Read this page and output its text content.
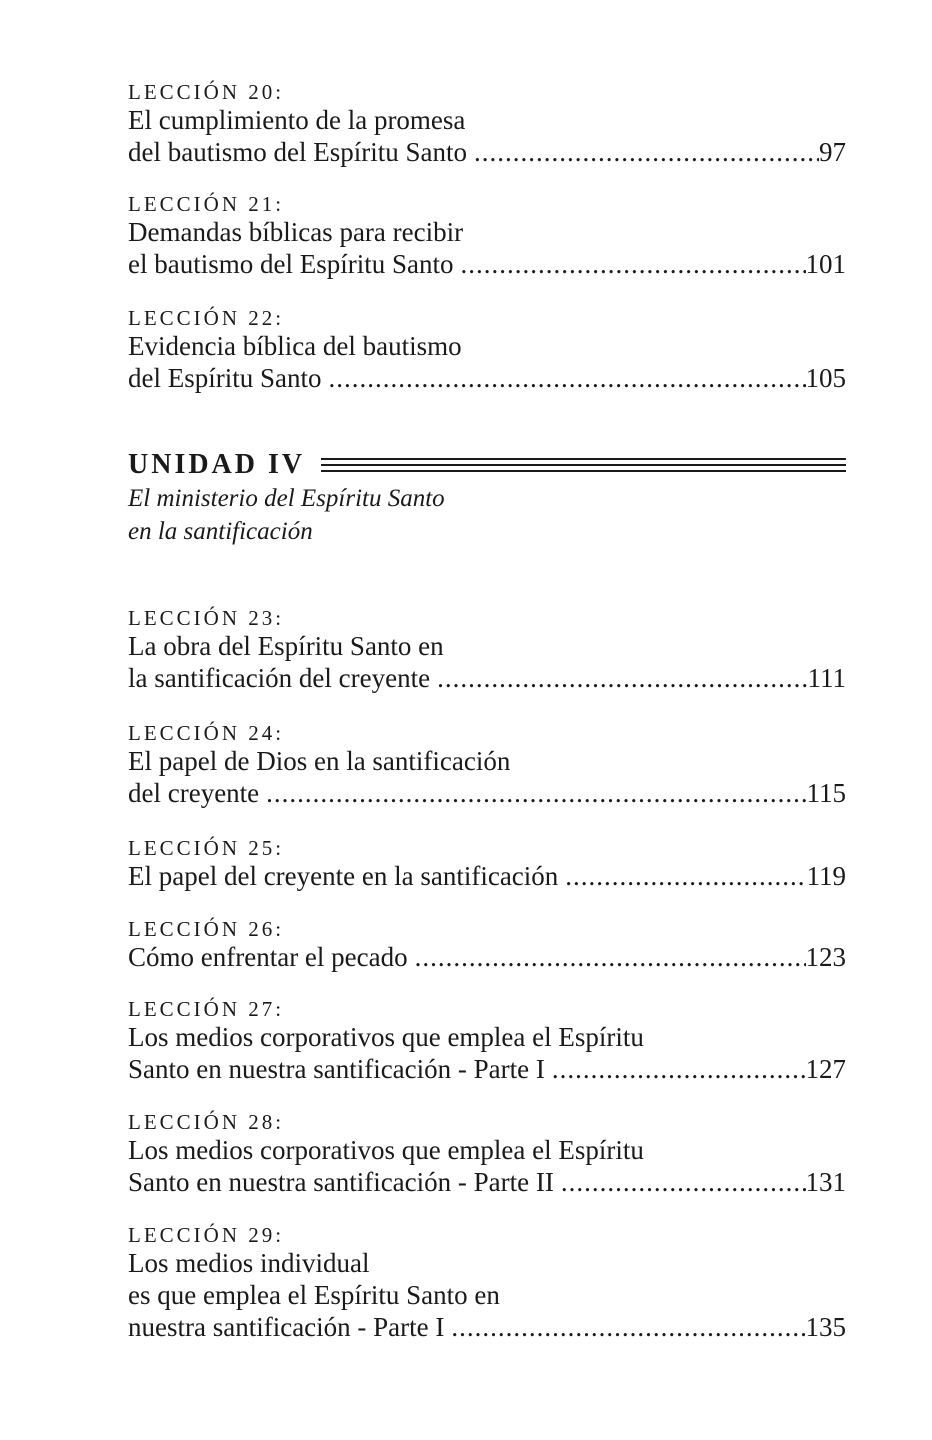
LECCIÓN 20:
El cumplimiento de la promesa
del bautismo del Espíritu Santo .....	97
LECCIÓN 21:
Demandas bíblicas para recibir
el bautismo del Espíritu Santo .....	101
LECCIÓN 22:
Evidencia bíblica del bautismo
del Espíritu Santo .....	105
UNIDAD IV
El ministerio del Espíritu Santo
en la santificación
LECCIÓN 23:
La obra del Espíritu Santo en
la santificación del creyente .....	111
LECCIÓN 24:
El papel de Dios en la santificación
del creyente .....	115
LECCIÓN 25:
El papel del creyente en la santificación .....	119
LECCIÓN 26:
Cómo enfrentar el pecado .....	123
LECCIÓN 27:
Los medios corporativos que emplea el Espíritu
Santo en nuestra santificación - Parte I .....	127
LECCIÓN 28:
Los medios corporativos que emplea el Espíritu
Santo en nuestra santificación - Parte II .....	131
LECCIÓN 29:
Los medios individual
es que emplea el Espíritu Santo en
nuestra santificación - Parte I .....	135
